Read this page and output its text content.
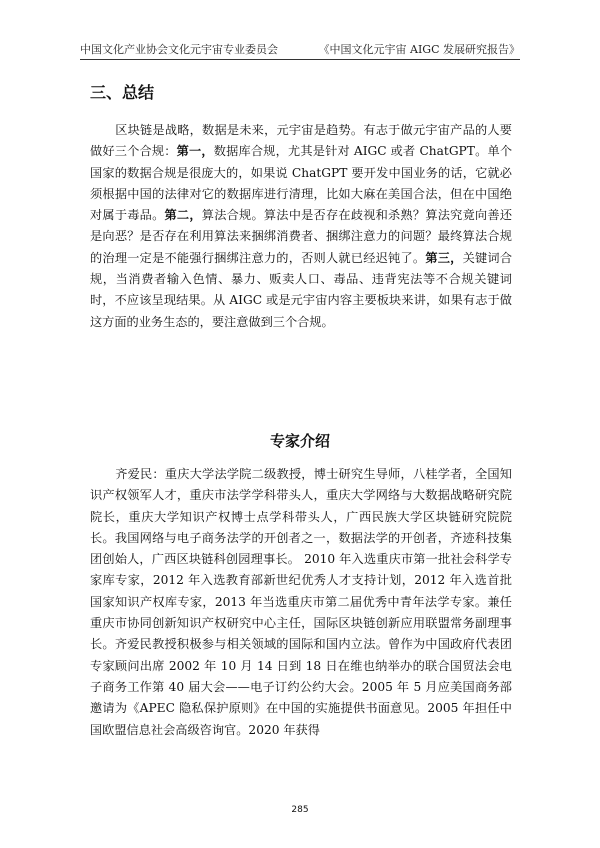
中国文化产业协会文化元宇宙专业委员会	《中国文化元宇宙 AIGC 发展研究报告》
三、总结

区块链是战略，数据是未来，元宇宙是趋势。有志于做元宇宙产品的人要做好三个合规：第一，数据库合规，尤其是针对 AIGC 或者 ChatGPT。单个国家的数据合规是很庞大的，如果说 ChatGPT 要开发中国业务的话，它就必须根据中国的法律对它的数据库进行清理，比如大麻在美国合法，但在中国绝对属于毒品。第二，算法合规。算法中是否存在歧视和杀熟？算法究竟向善还是向恶？是否存在利用算法来捆绑消费者、捆绑注意力的问题？最终算法合规的治理一定是不能强行捆绑注意力的，否则人就已经迟钝了。第三，关键词合规，当消费者输入色情、暴力、贩卖人口、毒品、违背宪法等不合规关键词时，不应该呈现结果。从 AIGC 或是元宇宙内容主要板块来讲，如果有志于做这方面的业务生态的，要注意做到三个合规。

专家介绍

齐爱民：重庆大学法学院二级教授，博士研究生导师，八桂学者，全国知识产权领军人才，重庆市法学学科带头人，重庆大学网络与大数据战略研究院院长，重庆大学知识产权博士点学科带头人，广西民族大学区块链研究院院长。我国网络与电子商务法学的开创者之一，数据法学的开创者，齐迹科技集团创始人，广西区块链科创园理事长。 2010 年入选重庆市第一批社会科学专家库专家，2012 年入选教育部新世纪优秀人才支持计划，2012 年入选首批国家知识产权库专家，2013 年当选重庆市第二届优秀中青年法学专家。兼任重庆市协同创新知识产权研究中心主任，国际区块链创新应用联盟常务副理事长。齐爱民教授积极参与相关领域的国际和国内立法。曾作为中国政府代表团专家顾问出席 2002 年 10 月 14 日到 18 日在维也纳举办的联合国贸法会电子商务工作第 40 届大会——电子订约公约大会。2005 年 5 月应美国商务部邀请为《APEC 隐私保护原则》在中国的实施提供书面意见。2005 年担任中国欧盟信息社会高级咨询官。2020 年获得

285
